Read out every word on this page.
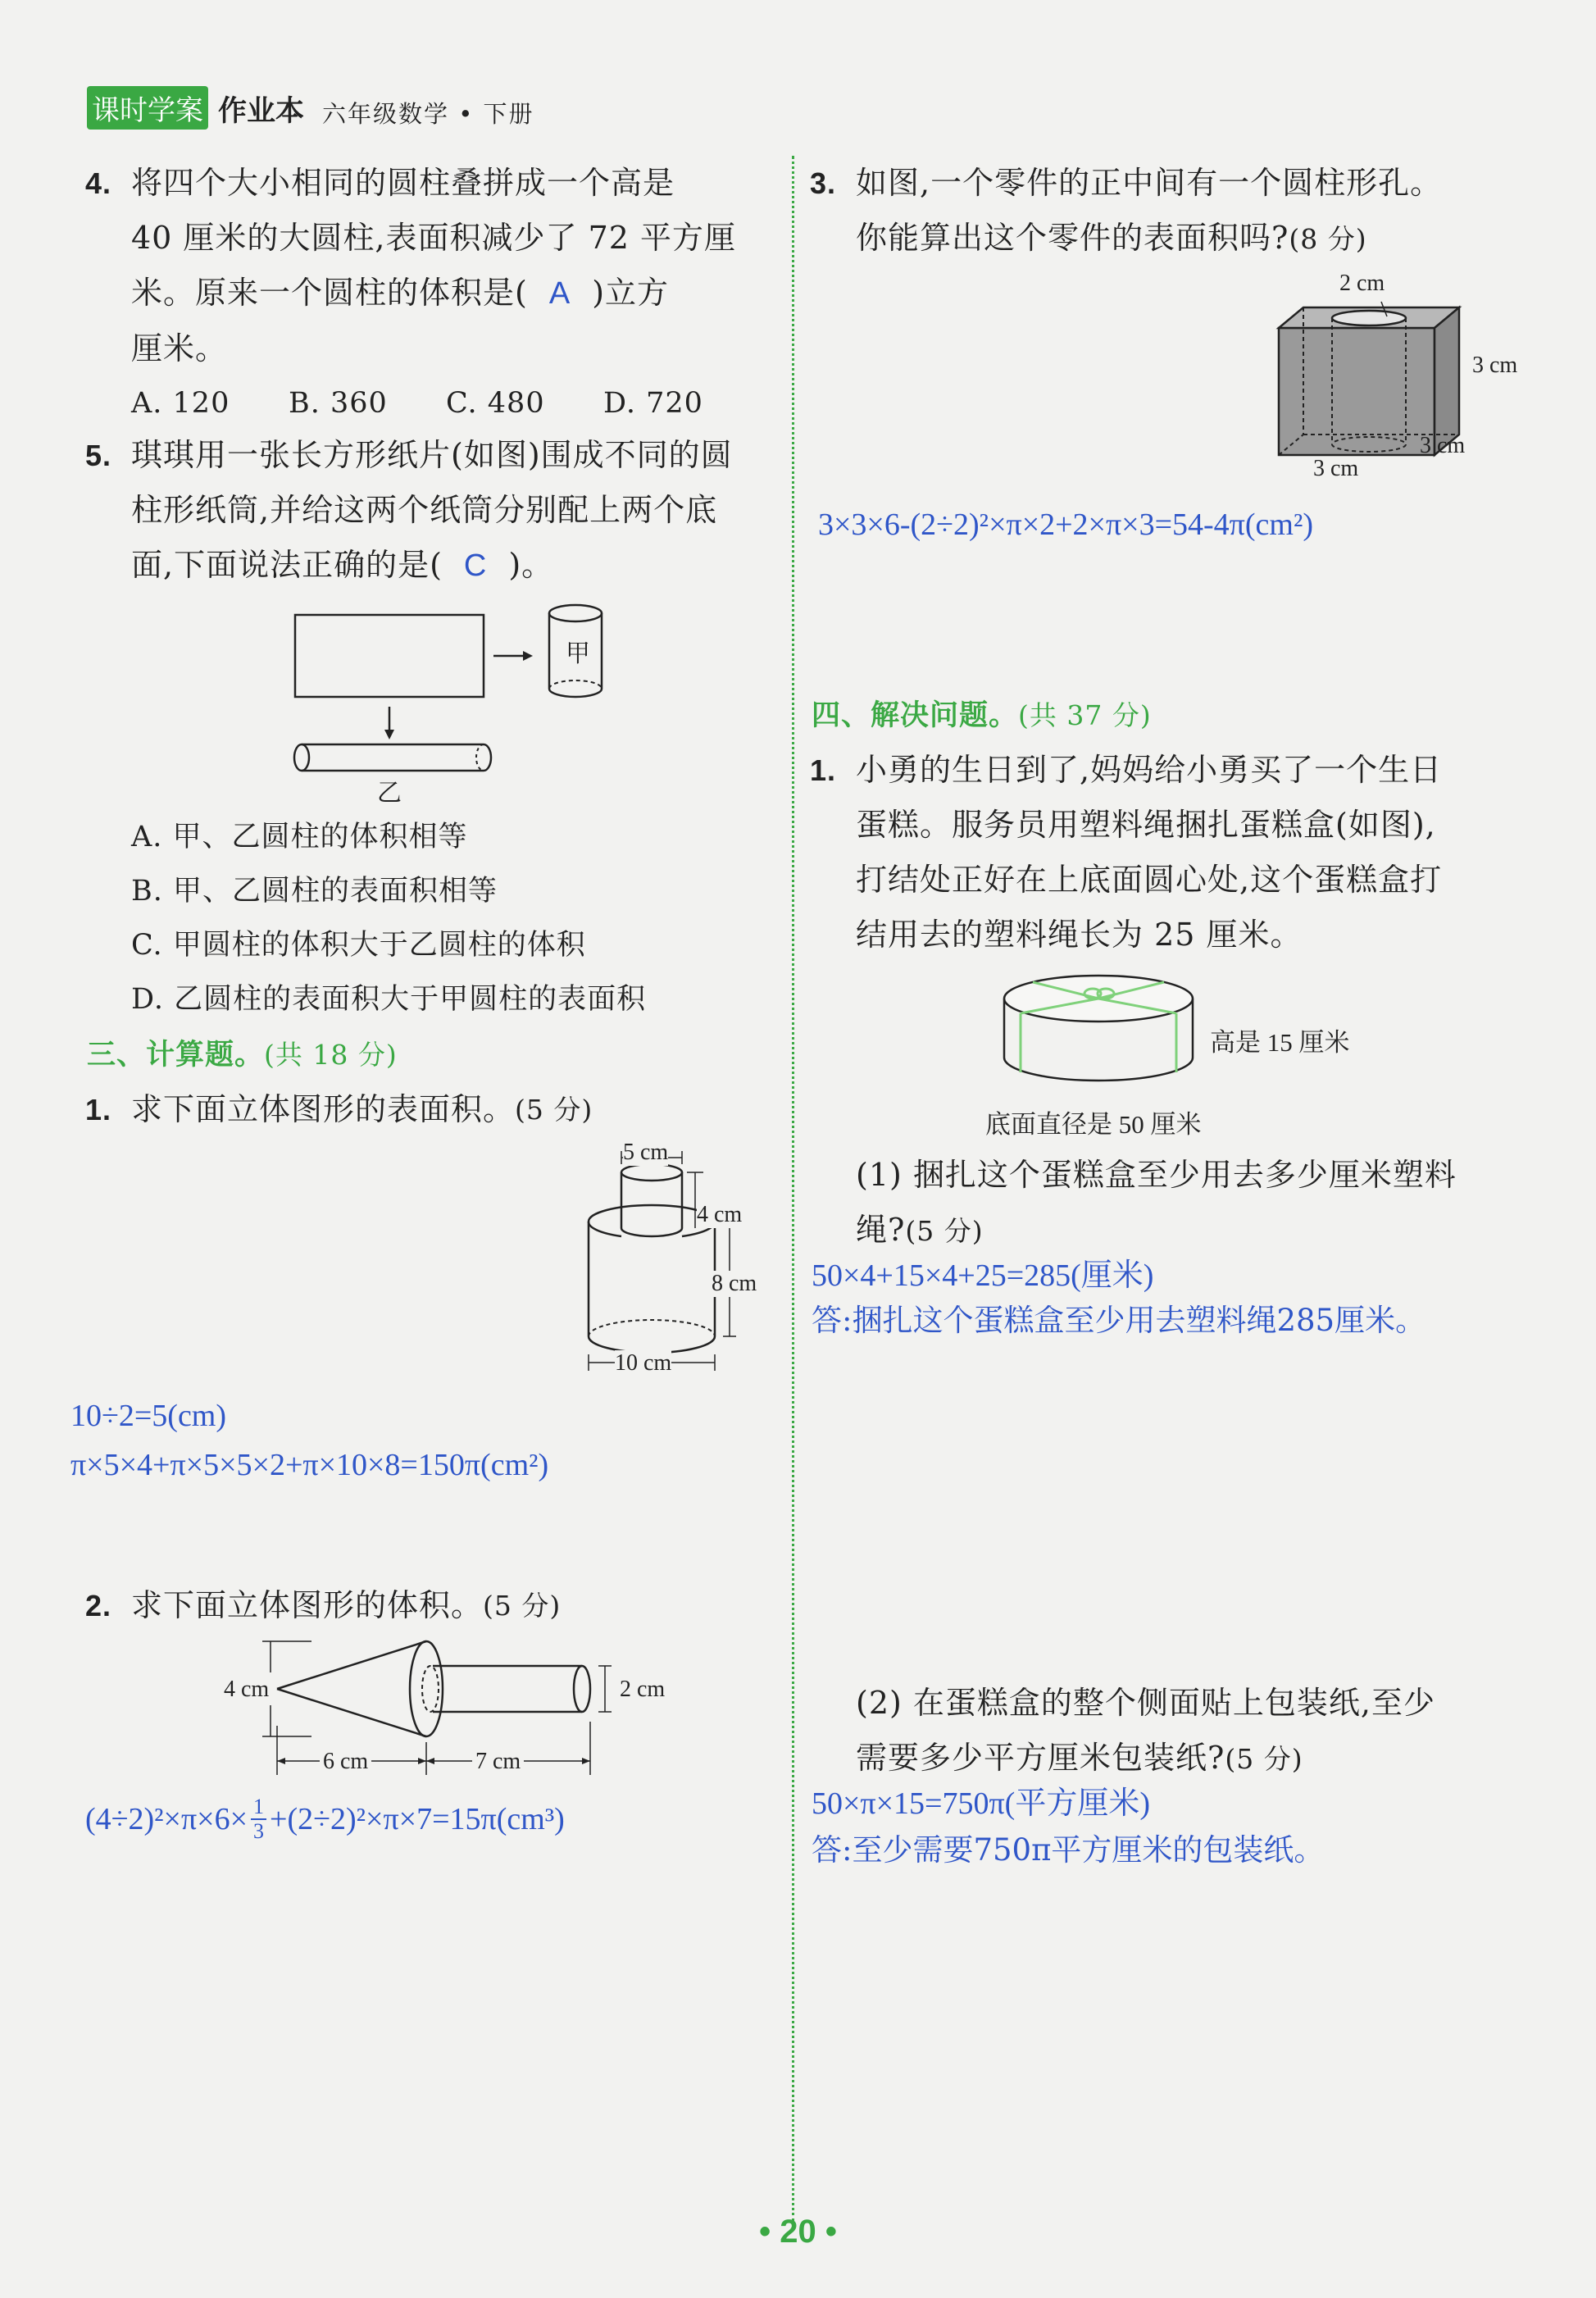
课时学案 作业本 六年级数学 • 下册
4. 将四个大小相同的圆柱叠拼成一个高是
40 厘米的大圆柱,表面积减少了 72 平方厘
米。原来一个圆柱的体积是( A )立方
厘米。
A. 120	B. 360	C. 480	D. 720
5. 琪琪用一张长方形纸片(如图)围成不同的圆
柱形纸筒,并给这两个纸筒分别配上两个底
面,下面说法正确的是( C )。
甲
乙
A. 甲、乙圆柱的体积相等
B. 甲、乙圆柱的表面积相等
C. 甲圆柱的体积大于乙圆柱的体积
D. 乙圆柱的表面积大于甲圆柱的表面积
三、计算题。(共 18 分)
1. 求下面立体图形的表面积。 (5 分)
5 cm
4 cm
8 cm
10 cm
10÷2=5(cm)
π×5×4+π×5×5×2+π×10×8=150π(cm²)
2. 求下面立体图形的体积。 (5 分)
4 cm	2 cm
6 cm	7 cm
$(4\div 2)^2\times\pi\times 6\times \frac{1}{3} +(2\div 2)^2\times\pi\times 7=15\pi(cm^3)$
3. 如图,一个零件的正中间有一个圆柱形孔。
你能算出这个零件的表面积吗?(8 分)
2 cm
3 cm
3 cm
3 cm
3×3×6-(2÷2)²×π×2+2×π×3=54-4π(cm²)
四、解决问题。(共 37 分)
1. 小勇的生日到了,妈妈给小勇买了一个生日
蛋糕。服务员用塑料绳捆扎蛋糕盒(如图),
打结处正好在上底面圆心处,这个蛋糕盒打
结用去的塑料绳长为 25 厘米。
高是 15 厘米
底面直径是 50 厘米
(1) 捆扎这个蛋糕盒至少用去多少厘米塑料
绳?(5 分)
50×4+15×4+25=285(厘米)
答:捆扎这个蛋糕盒至少用去塑料绳285厘米。
(2) 在蛋糕盒的整个侧面贴上包装纸,至少
需要多少平方厘米包装纸?(5 分)
50×π×15=750π(平方厘米)
答:至少需要750π平方厘米的包装纸。
• 20 •
